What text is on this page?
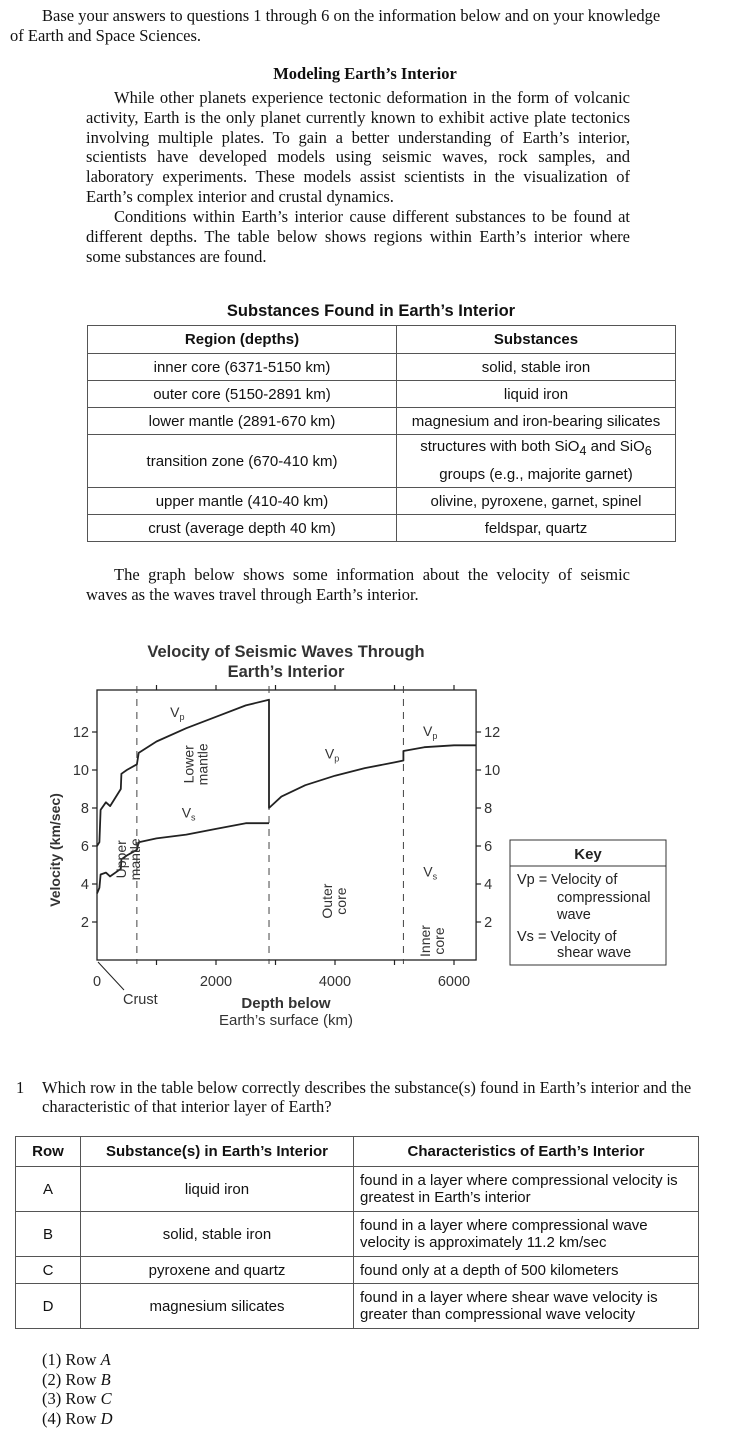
Base your answers to questions 1 through 6 on the information below and on your knowledge
of Earth and Space Sciences.
Modeling Earth’s Interior

While other planets experience tectonic deformation in the form of volcanic activity, Earth is the only planet currently known to exhibit active plate tectonics involving multiple plates. To gain a better understanding of Earth’s interior, scientists have developed models using seismic waves, rock samples, and laboratory experiments. These models assist scientists in the visualization of Earth’s complex interior and crustal dynamics.

Conditions within Earth’s interior cause different substances to be found at different depths. The table below shows regions within Earth’s interior where some substances are found.

Substances Found in Earth’s Interior
Region (depths)	Substances
inner core (6371-5150 km)	solid, stable iron
outer core (5150-2891 km)	liquid iron
lower mantle (2891-670 km)	magnesium and iron-bearing silicates
transition zone (670-410 km)	structures with both SiO$_4$ and SiO$_6$
groups (e.g., majorite garnet)
upper mantle (410-40 km)	olivine, pyroxene, garnet, spinel
crust (average depth 40 km)	feldspar, quartz

The graph below shows some information about the velocity of seismic waves as the waves travel through Earth’s interior.

Velocity of Seismic Waves Through
Earth’s Interior
2	2
4	4
6	6
8	8
10	10
12	12
2000	4000	6000
0
Crust
Uppermantle
Lowermantle
Outercore
Innercore
$V_p$
$V_s$
$V_p$
$V_p$
$V_s$
Depth below
Earth’s surface (km)
Velocity (km/sec)	Key
Vp = Velocity of
compressional
wave
Vs = Velocity of
shear wave
1 Which row in the table below correctly describes the substance(s) found in Earth’s interior and the characteristic of that interior layer of Earth?

Row	Substance(s) in Earth’s Interior	Characteristics of Earth’s Interior
A	liquid iron	found in a layer where compressional velocity is greatest in Earth’s interior
B	solid, stable iron	found in a layer where compressional wave velocity is approximately 11.2 km/sec
C	pyroxene and quartz	found only at a depth of 500 kilometers
D	magnesium silicates	found in a layer where shear wave velocity is greater than compressional wave velocity
(1) Row A
(2) Row B
(3) Row C
(4) Row D
